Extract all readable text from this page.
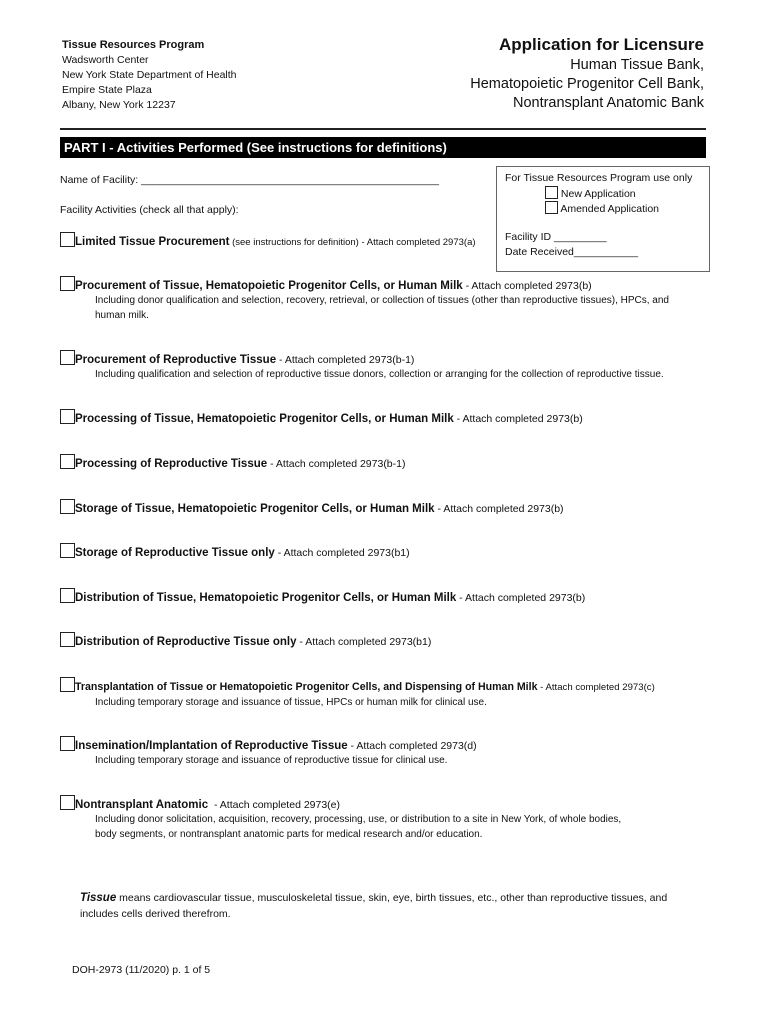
Tissue Resources Program
Wadsworth Center
New York State Department of Health
Empire State Plaza
Albany, New York 12237
Application for Licensure
Human Tissue Bank,
Hematopoietic Progenitor Cell Bank,
Nontransplant Anatomic Bank
PART I - Activities Performed (See instructions for definitions)
Name of Facility: ___________________________________________________
Facility Activities (check all that apply):
For Tissue Resources Program use only
New Application
Amended Application
Facility ID _________
Date Received___________
Limited Tissue Procurement (see instructions for definition) - Attach completed 2973(a)
Procurement of Tissue, Hematopoietic Progenitor Cells, or Human Milk - Attach completed 2973(b)
Including donor qualification and selection, recovery, retrieval, or collection of tissues (other than reproductive tissues), HPCs, and
human milk.
Procurement of Reproductive Tissue - Attach completed 2973(b-1)
Including qualification and selection of reproductive tissue donors, collection or arranging for the collection of reproductive tissue.
Processing of Tissue, Hematopoietic Progenitor Cells, or Human Milk - Attach completed 2973(b)
Processing of Reproductive Tissue - Attach completed 2973(b-1)
Storage of Tissue, Hematopoietic Progenitor Cells, or Human Milk - Attach completed 2973(b)
Storage of Reproductive Tissue only - Attach completed 2973(b1)
Distribution of Tissue, Hematopoietic Progenitor Cells, or Human Milk - Attach completed 2973(b)
Distribution of Reproductive Tissue only - Attach completed 2973(b1)
Transplantation of Tissue or Hematopoietic Progenitor Cells, and Dispensing of Human Milk - Attach completed 2973(c)
Including temporary storage and issuance of tissue, HPCs or human milk for clinical use.
Insemination/Implantation of Reproductive Tissue - Attach completed 2973(d)
Including temporary storage and issuance of reproductive tissue for clinical use.
Nontransplant Anatomic  - Attach completed 2973(e)
Including donor solicitation, acquisition, recovery, processing, use, or distribution to a site in New York, of whole bodies,
body segments, or nontransplant anatomic parts for medical research and/or education.
Tissue means cardiovascular tissue, musculoskeletal tissue, skin, eye, birth tissues, etc., other than reproductive tissues, and
includes cells derived therefrom.
DOH-2973 (11/2020) p. 1 of 5
